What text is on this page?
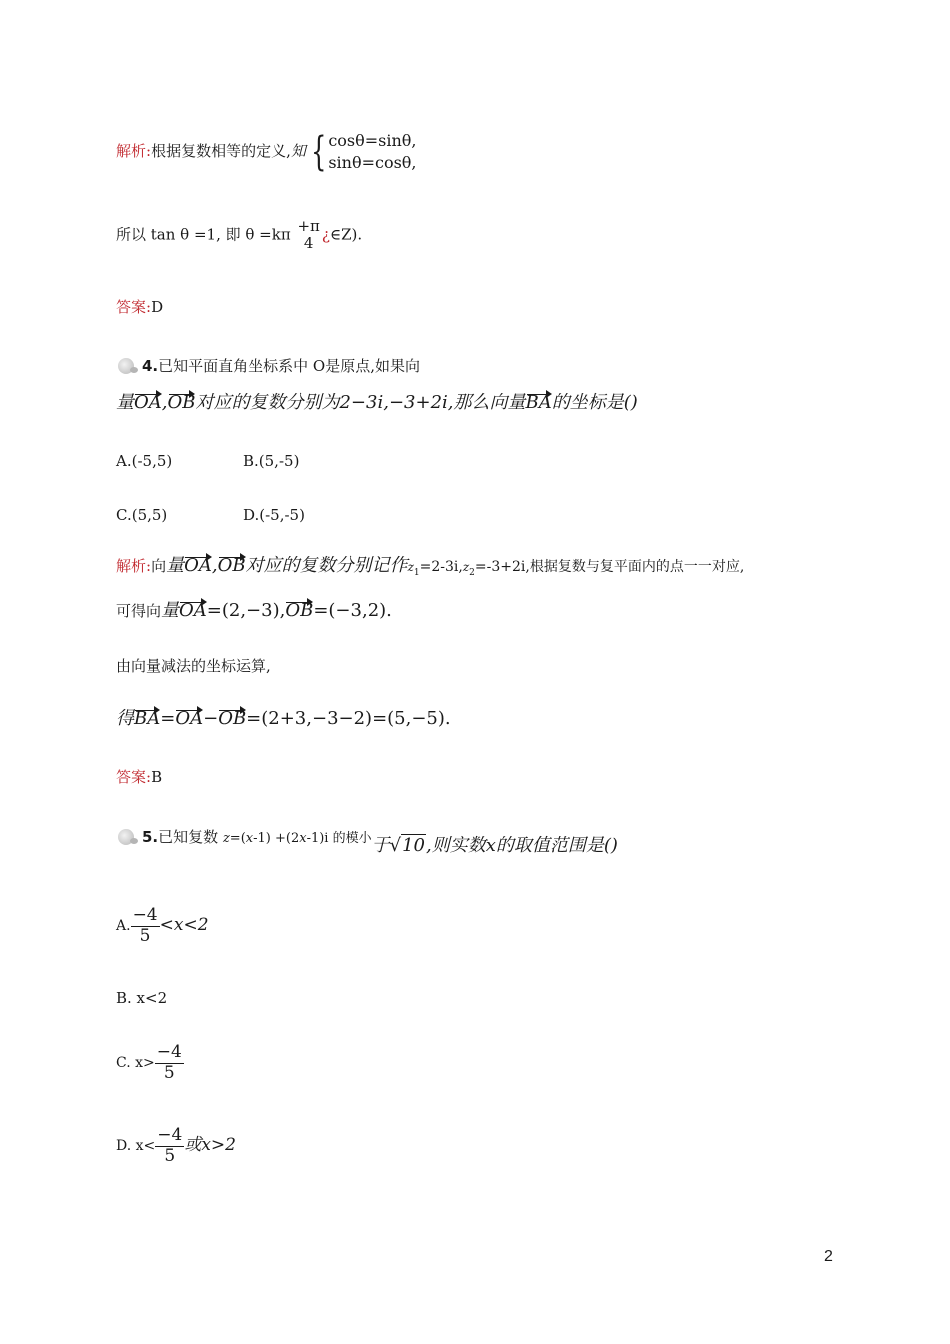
解析:根据复数相等的定义,知 { cosθ=sinθ,
sinθ=cosθ,
所以 tan θ =1, 即 θ =kπ +π
4 ¿∈Z).
答案:D
4.已知平面直角坐标系中 O是原点,如果向
量OA,OB对应的复数分别为2−3i,−3+2i,那么向量BA的坐标是()
A.(-5,5)	B.(5,-5)
C.(5,5)	D.(-5,-5)
解析:向量OA,OB对应的复数分别记作$z_1=2-3i,z_2=-3+2i$,根据复数与复平面内的点一一对应,
可得向量OA=(2,−3),OB=(−3,2).
由向量减法的坐标运算,
得BA=OA−OB=(2+3,−3−2)=(5,−5).
答案:B
5.已知复数 z=(x-1) +(2x-1)i 的模小于√10,则实数x的取值范围是()
A. $\frac{-4}{5} <x<2$
B. x<2
C. $x> \frac{-4}{5}$
D. $x< \frac{-4}{5}$ 或x>2
2
